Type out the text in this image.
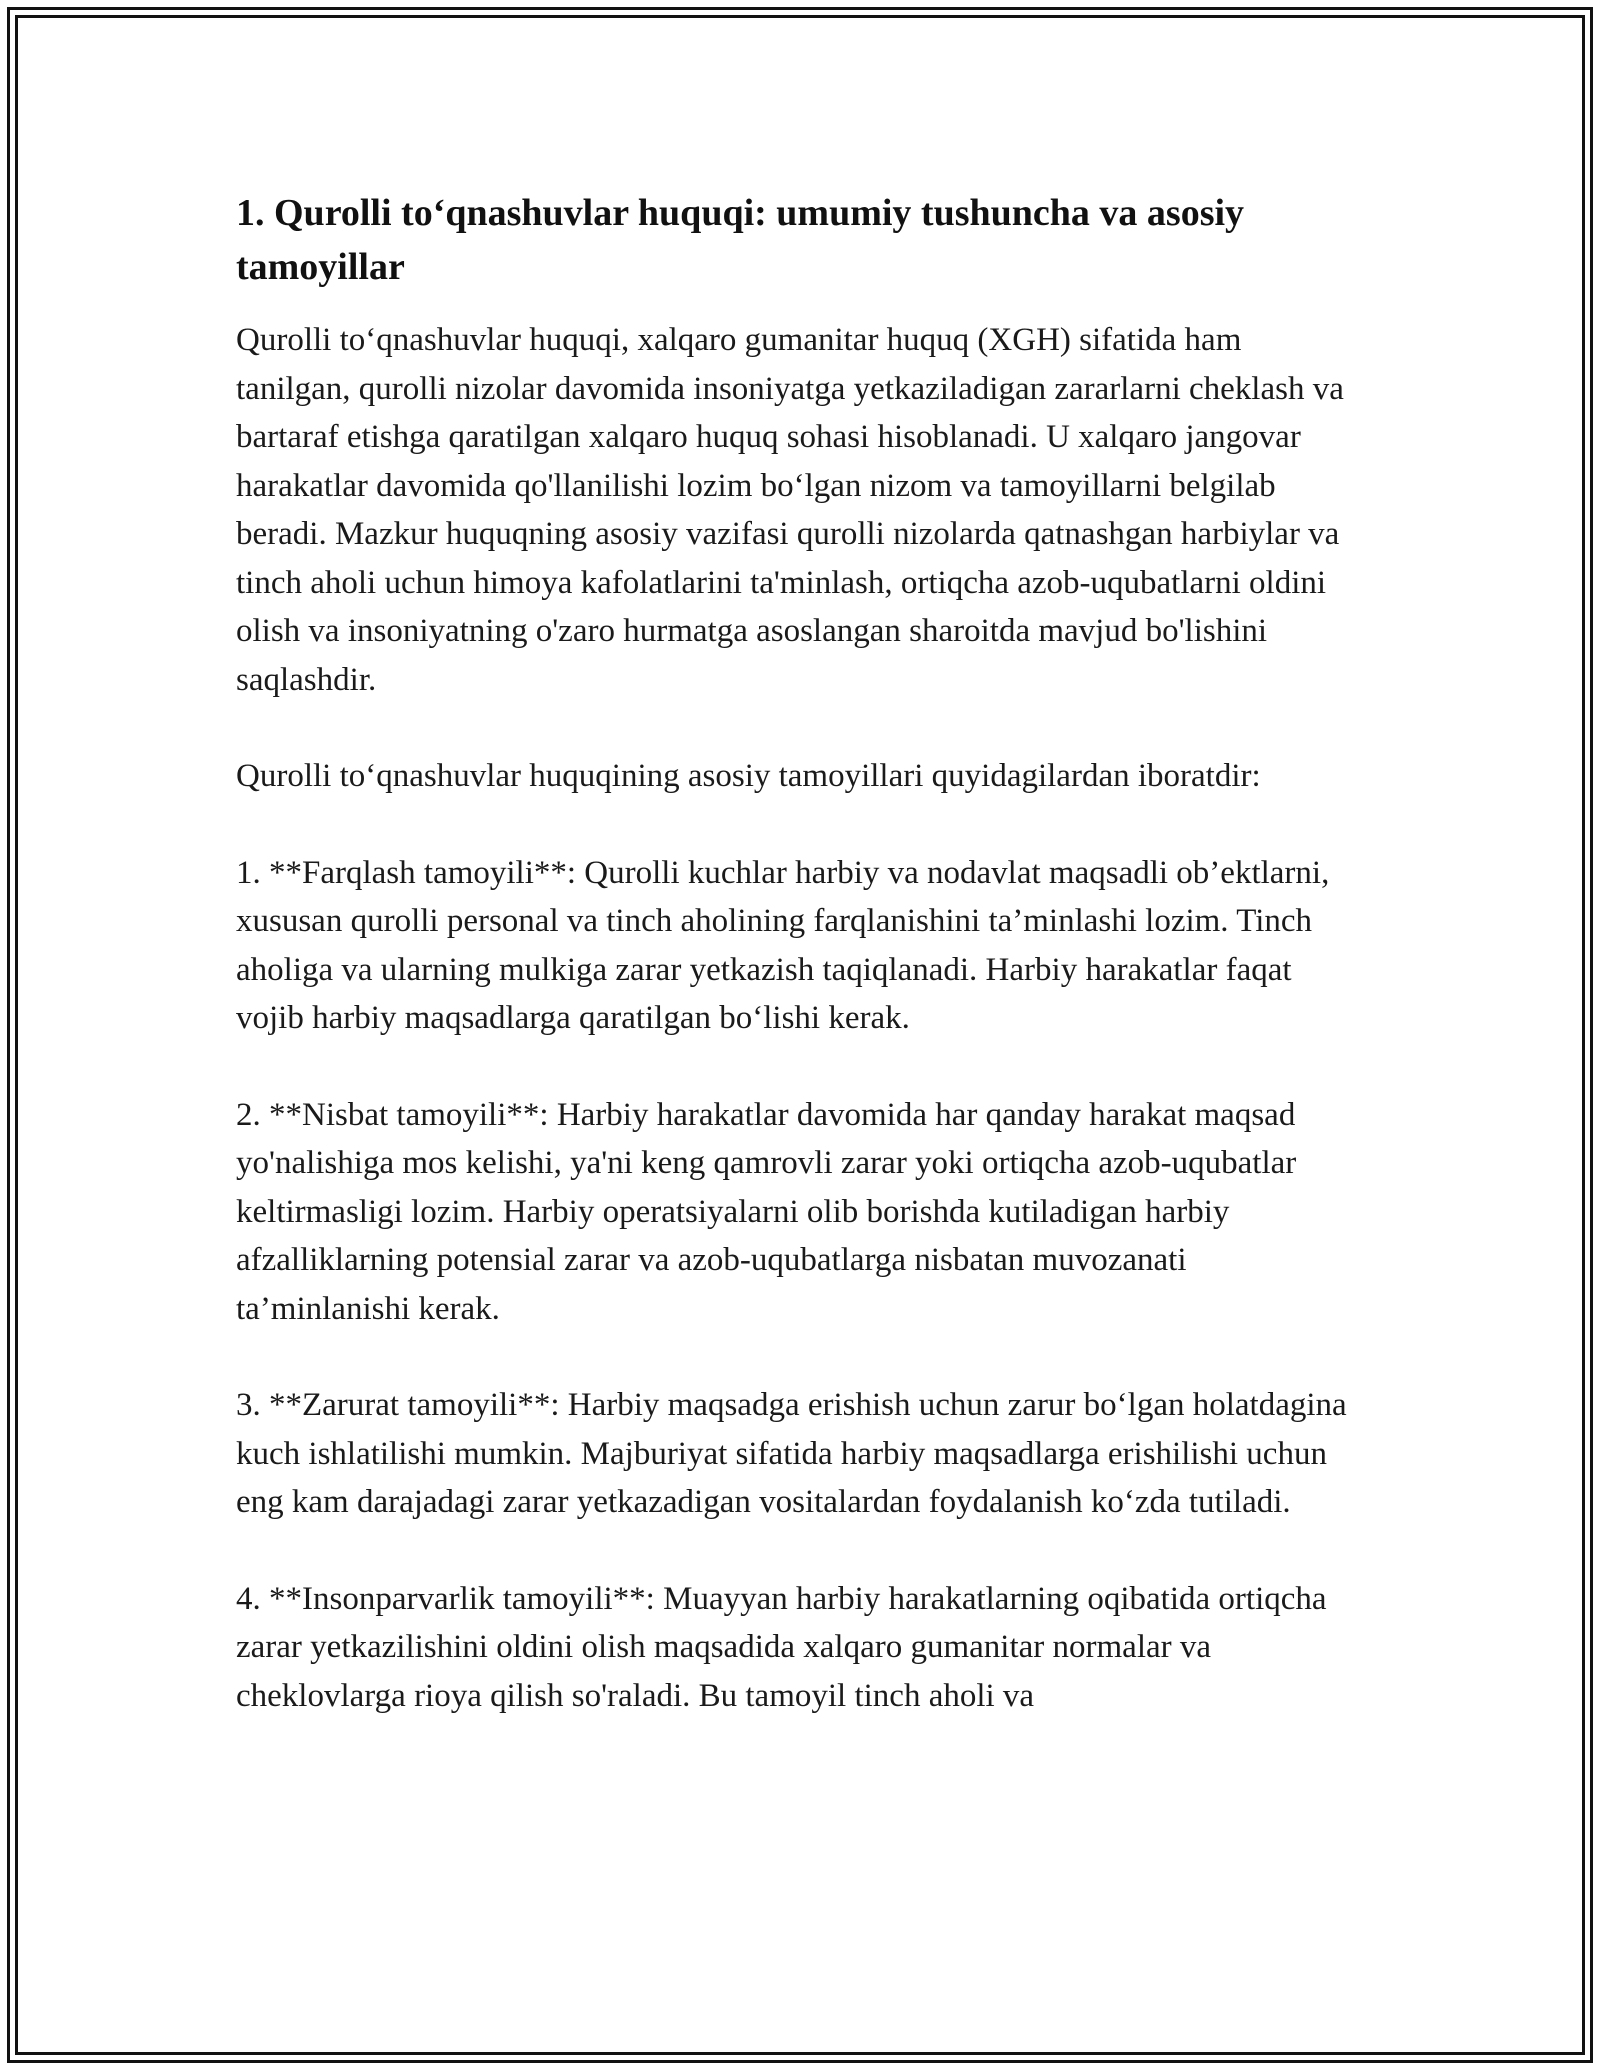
1. Qurolli to‘qnashuvlar huquqi: umumiy tushuncha va asosiy tamoyillar

Qurolli to‘qnashuvlar huquqi, xalqaro gumanitar huquq (XGH) sifatida ham tanilgan, qurolli nizolar davomida insoniyatga yetkaziladigan zararlarni cheklash va bartaraf etishga qaratilgan xalqaro huquq sohasi hisoblanadi. U xalqaro jangovar harakatlar davomida qo'llanilishi lozim bo‘lgan nizom va tamoyillarni belgilab beradi. Mazkur huquqning asosiy vazifasi qurolli nizolarda qatnashgan harbiylar va tinch aholi uchun himoya kafolatlarini ta'minlash, ortiqcha azob-uqubatlarni oldini olish va insoniyatning o'zaro hurmatga asoslangan sharoitda mavjud bo'lishini saqlashdir.

Qurolli to‘qnashuvlar huquqining asosiy tamoyillari quyidagilardan iboratdir:

1. **Farqlash tamoyili**: Qurolli kuchlar harbiy va nodavlat maqsadli ob’ektlarni, xususan qurolli personal va tinch aholining farqlanishini ta’minlashi lozim. Tinch aholiga va ularning mulkiga zarar yetkazish taqiqlanadi. Harbiy harakatlar faqat vojib harbiy maqsadlarga qaratilgan bo‘lishi kerak.

2. **Nisbat tamoyili**: Harbiy harakatlar davomida har qanday harakat maqsad yo'nalishiga mos kelishi, ya'ni keng qamrovli zarar yoki ortiqcha azob-uqubatlar keltirmasligi lozim. Harbiy operatsiyalarni olib borishda kutiladigan harbiy afzalliklarning potensial zarar va azob-uqubatlarga nisbatan muvozanati ta’minlanishi kerak.

3. **Zarurat tamoyili**: Harbiy maqsadga erishish uchun zarur bo‘lgan holatdagina kuch ishlatilishi mumkin. Majburiyat sifatida harbiy maqsadlarga erishilishi uchun eng kam darajadagi zarar yetkazadigan vositalardan foydalanish ko‘zda tutiladi.

4. **Insonparvarlik tamoyili**: Muayyan harbiy harakatlarning oqibatida ortiqcha zarar yetkazilishini oldini olish maqsadida xalqaro gumanitar normalar va cheklovlarga rioya qilish so'raladi. Bu tamoyil tinch aholi va
